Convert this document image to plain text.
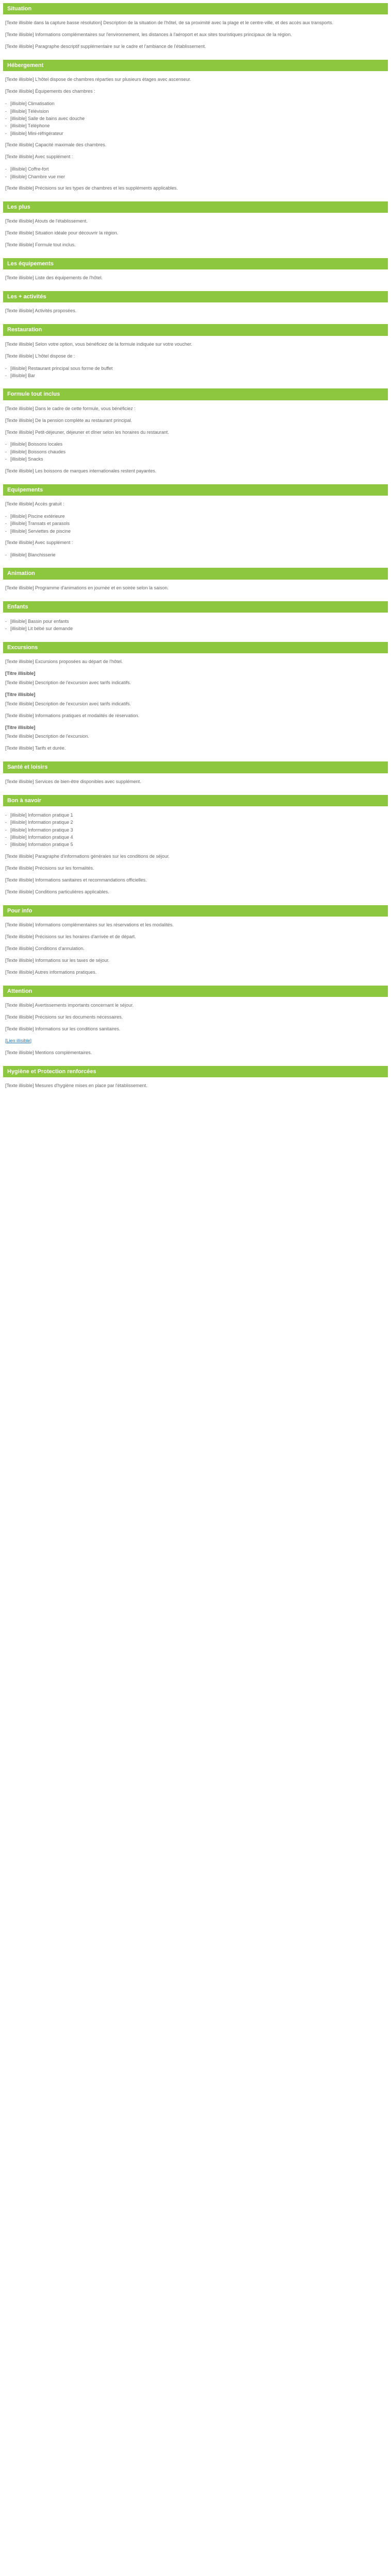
Situation

[Texte illisible dans la capture basse résolution] Description de la situation de l'hôtel, de sa proximité avec la plage et le centre-ville, et des accès aux transports.

[Texte illisible] Informations complémentaires sur l'environnement, les distances à l'aéroport et aux sites touristiques principaux de la région.

[Texte illisible] Paragraphe descriptif supplémentaire sur le cadre et l'ambiance de l'établissement.

Hébergement

[Texte illisible] L'hôtel dispose de chambres réparties sur plusieurs étages avec ascenseur.

[Texte illisible] Équipements des chambres :

- [illisible] Climatisation
- [illisible] Télévision
- [illisible] Salle de bains avec douche
- [illisible] Téléphone
- [illisible] Mini-réfrigérateur

[Texte illisible] Capacité maximale des chambres.

[Texte illisible] Avec supplément :

- [illisible] Coffre-fort
- [illisible] Chambre vue mer

[Texte illisible] Précisions sur les types de chambres et les suppléments applicables.

Les plus

[Texte illisible] Atouts de l'établissement.

[Texte illisible] Situation idéale pour découvrir la région.

[Texte illisible] Formule tout inclus.

Les équipements

[Texte illisible] Liste des équipements de l'hôtel.

Les + activités

[Texte illisible] Activités proposées.

Restauration

[Texte illisible] Selon votre option, vous bénéficiez de la formule indiquée sur votre voucher.

[Texte illisible] L'hôtel dispose de :

- [illisible] Restaurant principal sous forme de buffet
- [illisible] Bar
Formule tout inclus

[Texte illisible] Dans le cadre de cette formule, vous bénéficiez :

[Texte illisible] De la pension complète au restaurant principal.

[Texte illisible] Petit-déjeuner, déjeuner et dîner selon les horaires du restaurant.

- [illisible] Boissons locales
- [illisible] Boissons chaudes
- [illisible] Snacks

[Texte illisible] Les boissons de marques internationales restent payantes.

Equipements

[Texte illisible] Accès gratuit :

- [illisible] Piscine extérieure
- [illisible] Transats et parasols
- [illisible] Serviettes de piscine

[Texte illisible] Avec supplément :

- [illisible] Blanchisserie
Animation

[Texte illisible] Programme d'animations en journée et en soirée selon la saison.

Enfants
- [illisible] Bassin pour enfants
- [illisible] Lit bébé sur demande
Excursions

[Texte illisible] Excursions proposées au départ de l'hôtel.

[Titre illisible]

[Texte illisible] Description de l'excursion avec tarifs indicatifs.

[Titre illisible]

[Texte illisible] Description de l'excursion avec tarifs indicatifs.

[Texte illisible] Informations pratiques et modalités de réservation.

[Titre illisible]

[Texte illisible] Description de l'excursion.

[Texte illisible] Tarifs et durée.

Santé et loisirs

[Texte illisible] Services de bien-être disponibles avec supplément.

Bon à savoir
- [illisible] Information pratique 1
- [illisible] Information pratique 2
- [illisible] Information pratique 3
- [illisible] Information pratique 4
- [illisible] Information pratique 5

[Texte illisible] Paragraphe d'informations générales sur les conditions de séjour.

[Texte illisible] Précisions sur les formalités.

[Texte illisible] Informations sanitaires et recommandations officielles.

[Texte illisible] Conditions particulières applicables.

Pour info

[Texte illisible] Informations complémentaires sur les réservations et les modalités.

[Texte illisible] Précisions sur les horaires d'arrivée et de départ.

[Texte illisible] Conditions d'annulation.

[Texte illisible] Informations sur les taxes de séjour.

[Texte illisible] Autres informations pratiques.

Attention

[Texte illisible] Avertissements importants concernant le séjour.

[Texte illisible] Précisions sur les documents nécessaires.

[Texte illisible] Informations sur les conditions sanitaires.

[Lien illisible]

[Texte illisible] Mentions complémentaires.

Hygiène et Protection renforcées

[Texte illisible] Mesures d'hygiène mises en place par l'établissement.
